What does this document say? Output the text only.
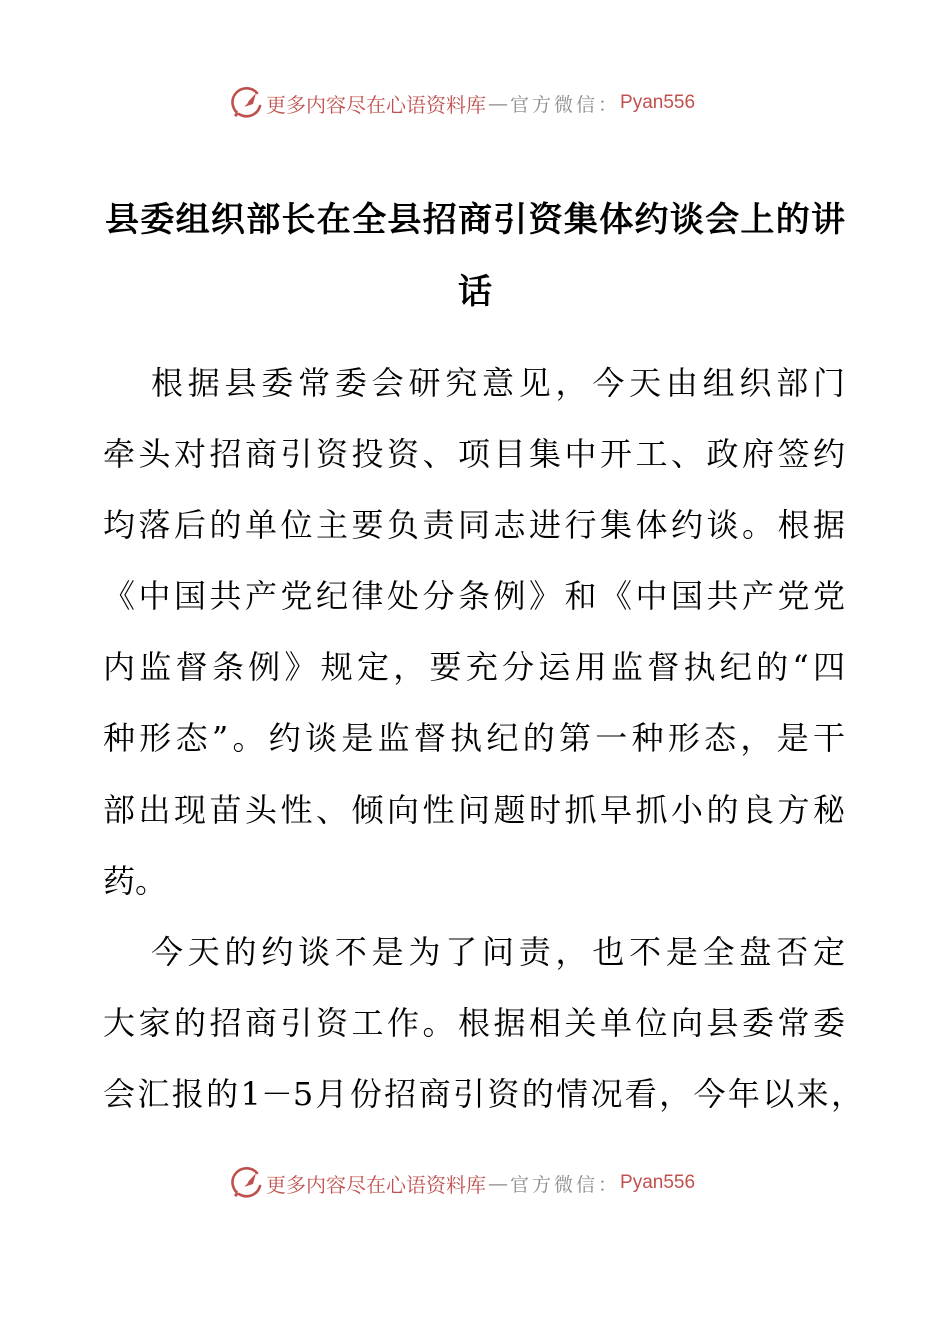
更多内容尽在心语资料库 — 官方微信： Pyan556
县委组织部长在全县招商引资集体约谈会上的讲
话
根据县委常委会研究意见，今天由组织部门
牵头对招商引资投资、项目集中开工、政府签约
均落后的单位主要负责同志进行集体约谈。根据
《中国共产党纪律处分条例》和《中国共产党党
内监督条例》规定，要充分运用监督执纪的“四
种形态”。约谈是监督执纪的第一种形态，是干
部出现苗头性、倾向性问题时抓早抓小的良方秘
药。
今天的约谈不是为了问责，也不是全盘否定
大家的招商引资工作。根据相关单位向县委常委
会汇报的1－5月份招商引资的情况看，今年以来，
更多内容尽在心语资料库 — 官方微信： Pyan556
